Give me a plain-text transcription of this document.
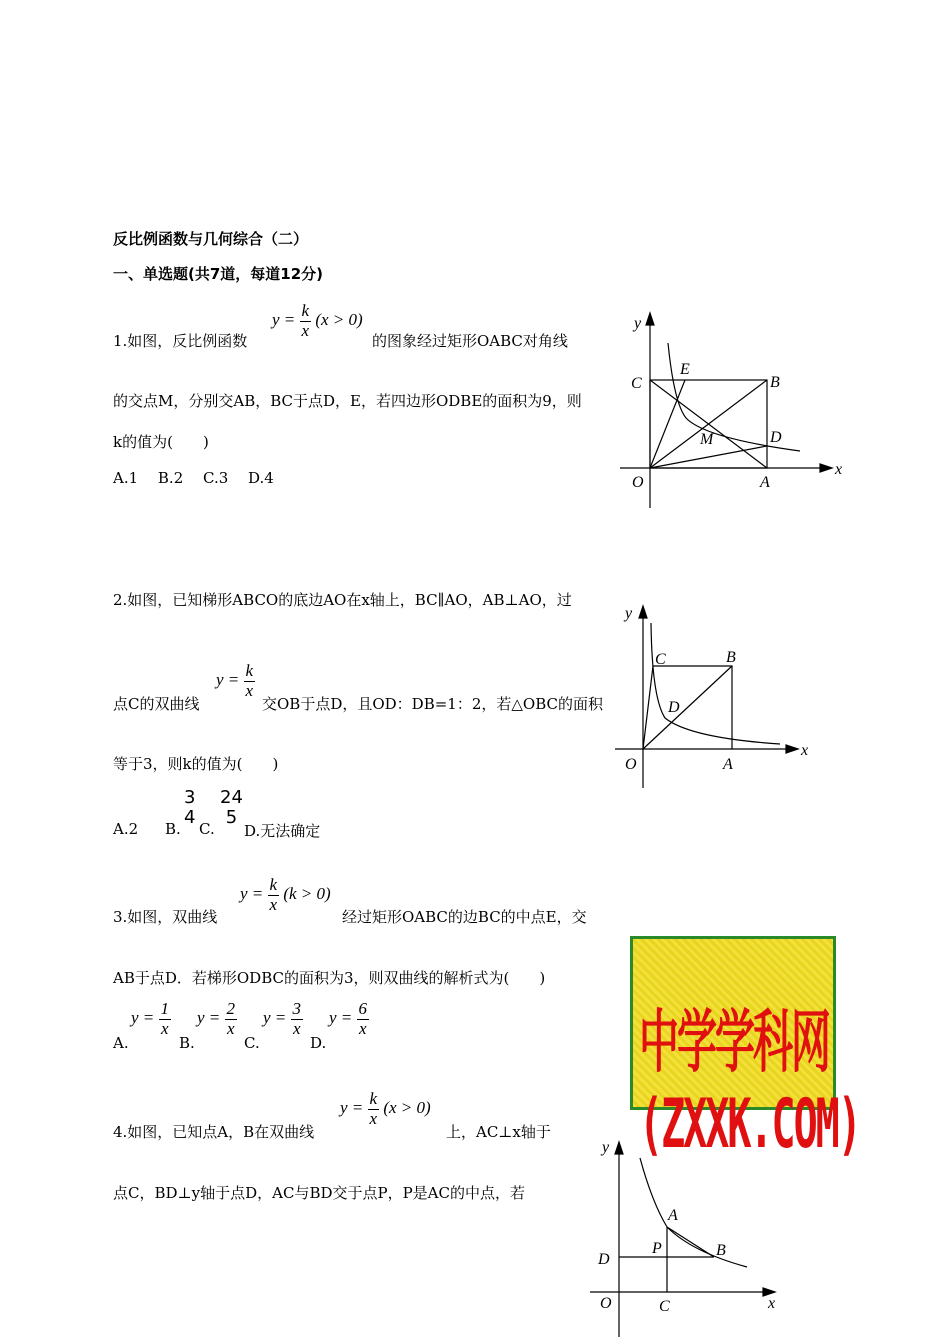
反比例函数与几何综合（二）
一、单选题(共7道，每道12分)
1.如图，反比例函数
$y = \frac{k}{x} (x > 0)$
的图象经过矩形OABC对角线
的交点M，分别交AB，BC于点D，E，若四边形ODBE的面积为9，则
k的值为(　　)
A.1　 B.2　 C.3　 D.4
y
x
O	A
B
C
D
E
M
2.如图，已知梯形ABCO的底边AO在x轴上，BC∥AO，AB⊥AO，过
点C的双曲线
$y = \frac{k}{x}$
交OB于点D，且OD：DB=1：2，若△OBC的面积
等于3，则k的值为(　　)
A.2 B.
3
4
C.
24
5
D.无法确定
y
x
O	A
B
C
D
3.如图，双曲线
$y = \frac{k}{x} (k > 0)$
经过矩形OABC的边BC的中点E，交
AB于点D．若梯形ODBC的面积为3，则双曲线的解析式为(　　)
A.
$y = \frac{1}{x}$
B.
$y = \frac{2}{x}$
C.
$y = \frac{3}{x}$
D.
$y = \frac{6}{x}$	中学学科网(ZXXK.COM)
4.如图，已知点A，B在双曲线
$y = \frac{k}{x} (x > 0)$
上，AC⊥x轴于
点C，BD⊥y轴于点D，AC与BD交于点P，P是AC的中点，若
y
x
O
A
B
C
D
P
